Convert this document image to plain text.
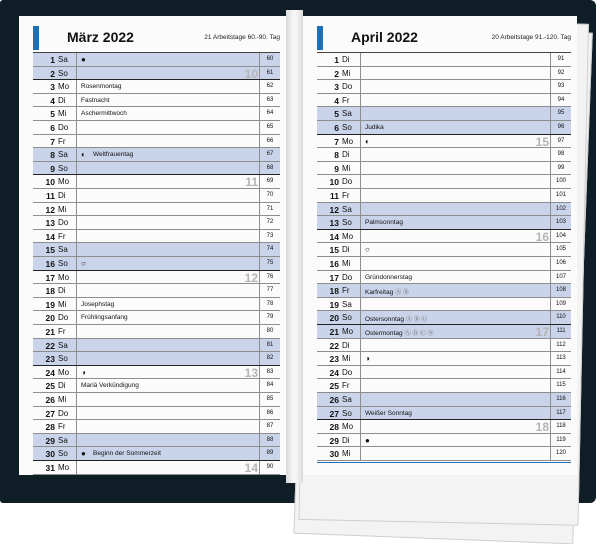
März 2022	21 Arbeitstage 60.-90. Tag
1 Sa ●	60
2 So	10	61
3 Mo Rosenmontag	62
4 Di Fastnacht	63
5 Mi Aschermittwoch	64
6 Do	65
7 Fr	66
8 Sa ◐	Weltfrauentag	67
9 So	68
10 Mo	11	69
11 Di	70
12 Mi	71
13 Do	72
14 Fr	73
15 Sa	74
16 So ○	75
17 Mo	12	76
18 Di	77
19 Mi Josephstag	78
20 Do Frühlingsanfang	79
21 Fr	80
22 Sa	81
23 So	82
24 Mo ◑	13	83
25 Di Mariä Verkündigung	84
26 Mi	85
27 Do	86
28 Fr	87
29 Sa	88
30 So ●	Beginn der Sommerzeit	89
31 Mo	14	90
April 2022	20 Arbeitstage 91.-120. Tag
1 Di	91
2 Mi	92
3 Do	93
4 Fr	94
5 Sa	95
6 So Judika	96
7 Mo ◐	15	97
8 Di	98
9 Mi	99
10 Do	100
11 Fr	101
12 Sa	102
13 So Palmsonntag	103
14 Mo	16	104
15 Di ○	105
16 Mi	106
17 Do Gründonnerstag	107
18 Fr Karfreitag Ⓐ Ⓑ	108
19 Sa	109
20 So Ostersonntag Ⓐ Ⓑ Ⓒ	110
21 Mo Ostermontag Ⓐ Ⓑ Ⓒ Ⓓ	17	111
22 Di	112
23 Mi ◑	113
24 Do	114
25 Fr	115
26 Sa	116
27 So Weißer Sonntag	117
28 Mo	18	118
29 Di ●	119
30 Mi	120
